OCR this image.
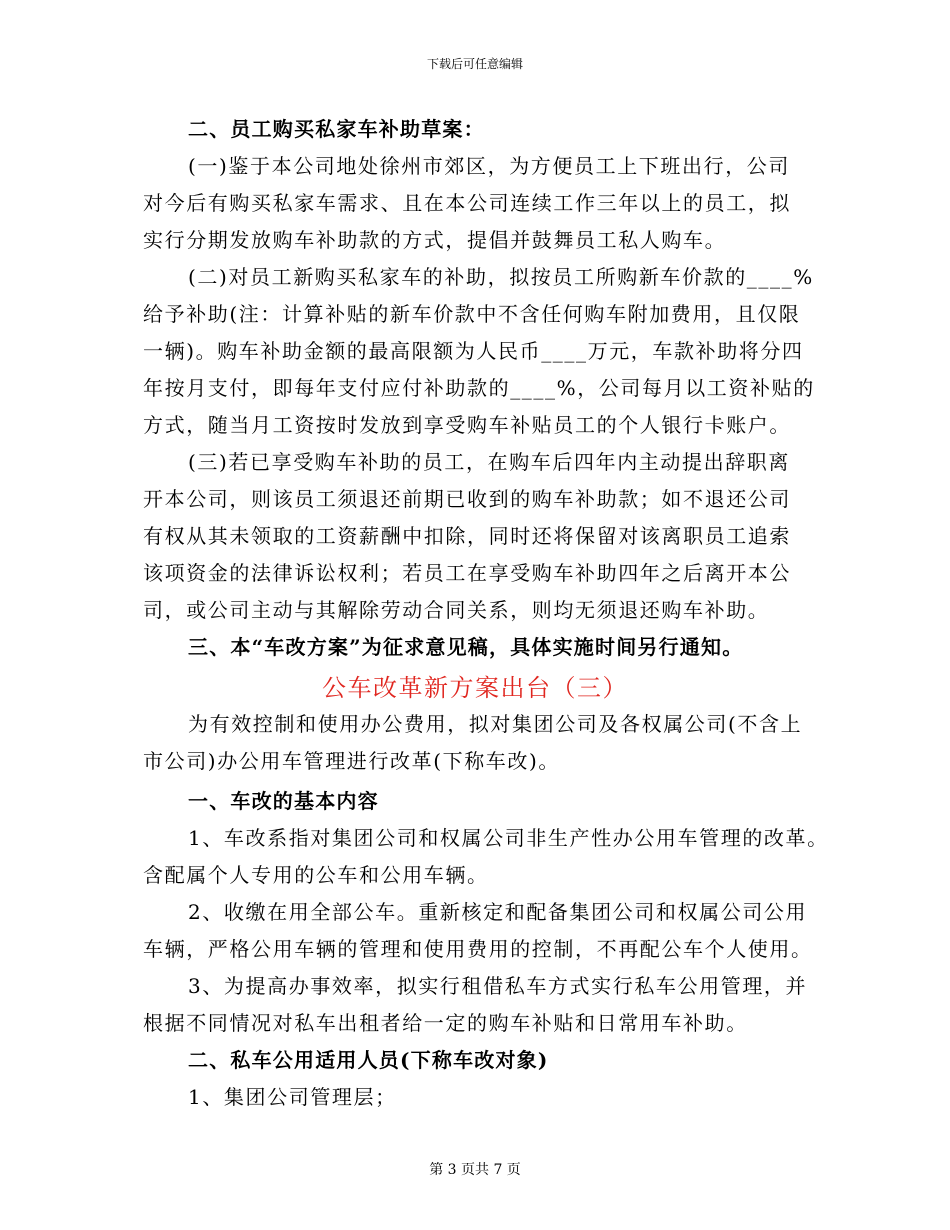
下载后可任意编辑
二、员工购买私家车补助草案：
(一)鉴于本公司地处徐州市郊区，为方便员工上下班出行，公司
对今后有购买私家车需求、且在本公司连续工作三年以上的员工，拟
实行分期发放购车补助款的方式，提倡并鼓舞员工私人购车。
(二)对员工新购买私家车的补助，拟按员工所购新车价款的____%
给予补助(注：计算补贴的新车价款中不含任何购车附加费用，且仅限
一辆)。购车补助金额的最高限额为人民币____万元，车款补助将分四
年按月支付，即每年支付应付补助款的____%，公司每月以工资补贴的
方式，随当月工资按时发放到享受购车补贴员工的个人银行卡账户。
(三)若已享受购车补助的员工，在购车后四年内主动提出辞职离
开本公司，则该员工须退还前期已收到的购车补助款；如不退还公司
有权从其未领取的工资薪酬中扣除，同时还将保留对该离职员工追索
该项资金的法律诉讼权利；若员工在享受购车补助四年之后离开本公
司，或公司主动与其解除劳动合同关系，则均无须退还购车补助。
三、本“车改方案”为征求意见稿，具体实施时间另行通知。
公车改革新方案出台（三）
为有效控制和使用办公费用，拟对集团公司及各权属公司(不含上
市公司)办公用车管理进行改革(下称车改)。
一、车改的基本内容
1、车改系指对集团公司和权属公司非生产性办公用车管理的改革。
含配属个人专用的公车和公用车辆。
2、收缴在用全部公车。重新核定和配备集团公司和权属公司公用
车辆，严格公用车辆的管理和使用费用的控制，不再配公车个人使用。
3、为提高办事效率，拟实行租借私车方式实行私车公用管理，并
根据不同情况对私车出租者给一定的购车补贴和日常用车补助。
二、私车公用适用人员(下称车改对象)
1、集团公司管理层；
第 3 页共 7 页
